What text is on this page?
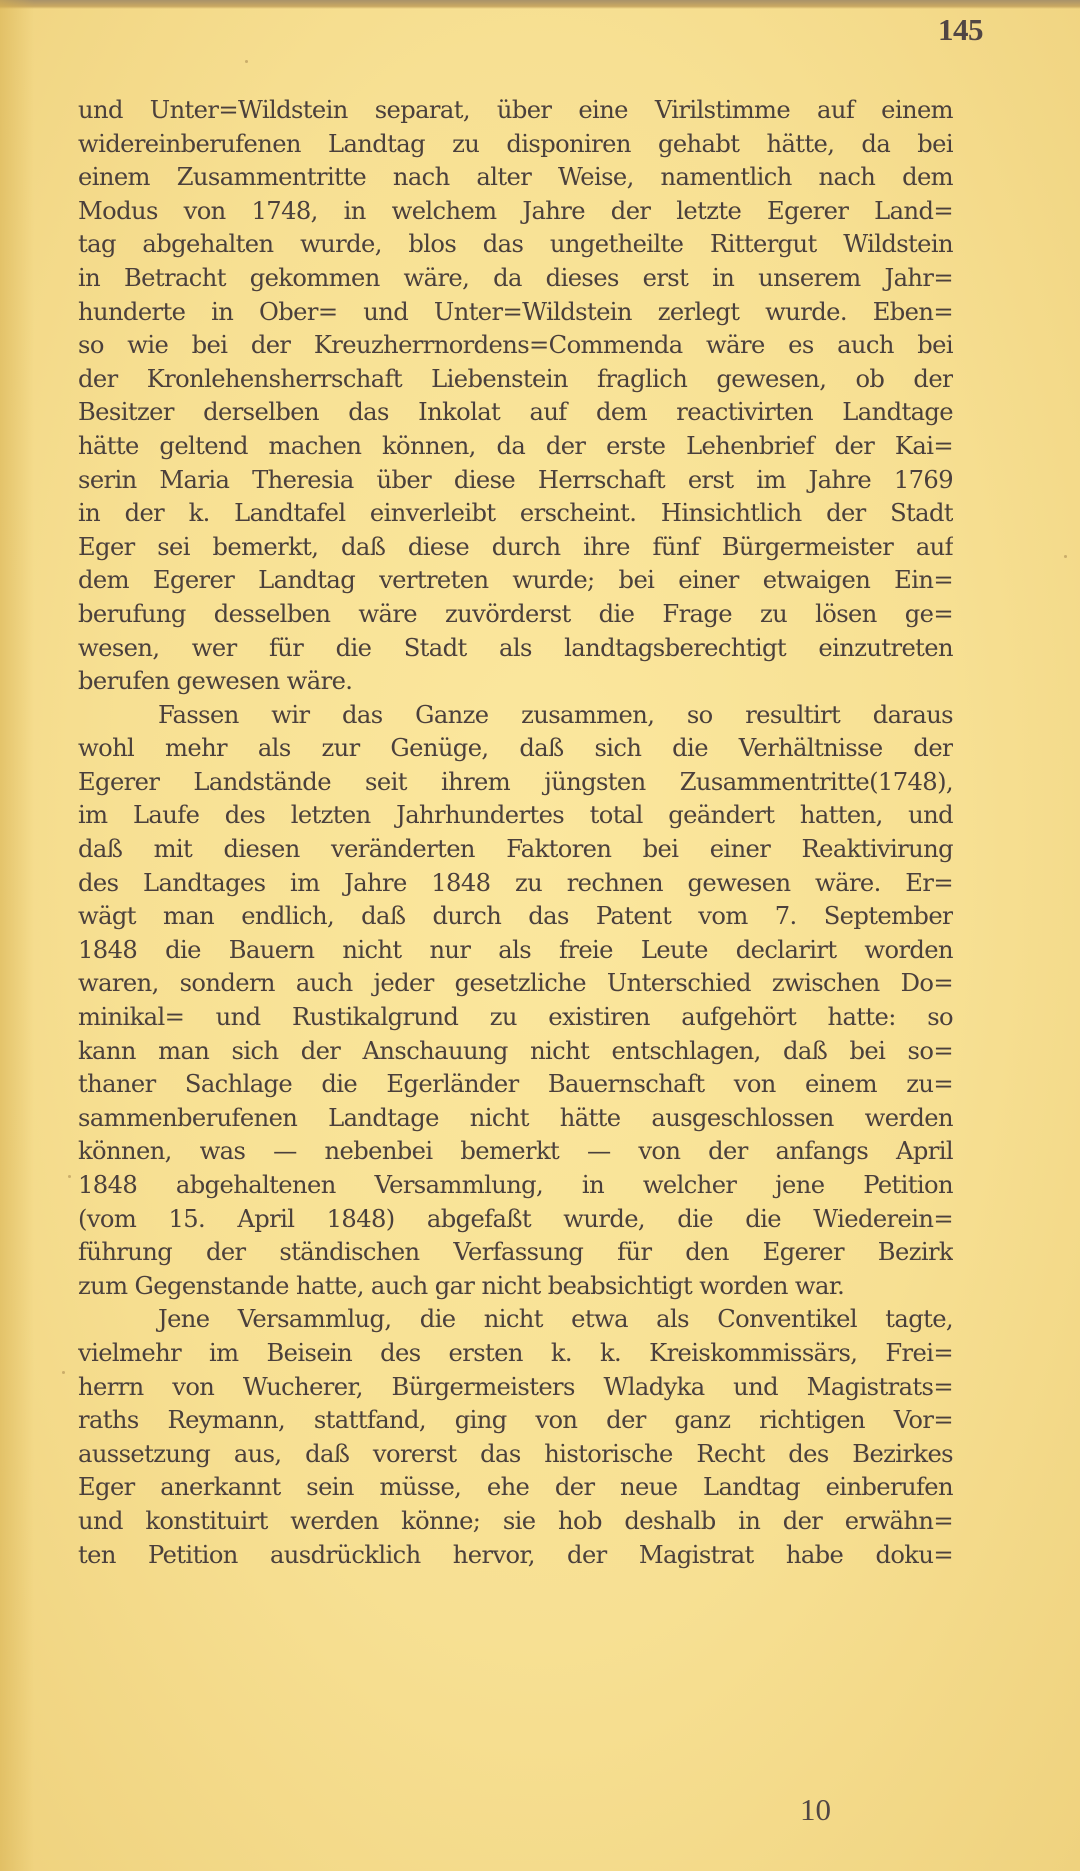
145
und Unter=Wildstein separat, über eine Virilstimme auf einem
widereinberufenen Landtag zu disponiren gehabt hätte, da bei
einem Zusammentritte nach alter Weise, namentlich nach dem
Modus von 1748, in welchem Jahre der letzte Egerer Land=
tag abgehalten wurde, blos das ungetheilte Rittergut Wildstein
in Betracht gekommen wäre, da dieses erst in unserem Jahr=
hunderte in Ober= und Unter=Wildstein zerlegt wurde. Eben=
so wie bei der Kreuzherrnordens=Commenda wäre es auch bei
der Kronlehensherrschaft Liebenstein fraglich gewesen, ob der
Besitzer derselben das Inkolat auf dem reactivirten Landtage
hätte geltend machen können, da der erste Lehenbrief der Kai=
serin Maria Theresia über diese Herrschaft erst im Jahre 1769
in der k. Landtafel einverleibt erscheint. Hinsichtlich der Stadt
Eger sei bemerkt, daß diese durch ihre fünf Bürgermeister auf
dem Egerer Landtag vertreten wurde; bei einer etwaigen Ein=
berufung desselben wäre zuvörderst die Frage zu lösen ge=
wesen, wer für die Stadt als landtagsberechtigt einzutreten
berufen gewesen wäre.
Fassen wir das Ganze zusammen, so resultirt daraus
wohl mehr als zur Genüge, daß sich die Verhältnisse der
Egerer Landstände seit ihrem jüngsten Zusammentritte(1748),
im Laufe des letzten Jahrhundertes total geändert hatten, und
daß mit diesen veränderten Faktoren bei einer Reaktivirung
des Landtages im Jahre 1848 zu rechnen gewesen wäre. Er=
wägt man endlich, daß durch das Patent vom 7. September
1848 die Bauern nicht nur als freie Leute declarirt worden
waren, sondern auch jeder gesetzliche Unterschied zwischen Do=
minikal= und Rustikalgrund zu existiren aufgehört hatte: so
kann man sich der Anschauung nicht entschlagen, daß bei so=
thaner Sachlage die Egerländer Bauernschaft von einem zu=
sammenberufenen Landtage nicht hätte ausgeschlossen werden
können, was — nebenbei bemerkt — von der anfangs April
1848 abgehaltenen Versammlung, in welcher jene Petition
(vom 15. April 1848) abgefaßt wurde, die die Wiederein=
führung der ständischen Verfassung für den Egerer Bezirk
zum Gegenstande hatte, auch gar nicht beabsichtigt worden war.
Jene Versammlug, die nicht etwa als Conventikel tagte,
vielmehr im Beisein des ersten k. k. Kreiskommissärs, Frei=
herrn von Wucherer, Bürgermeisters Wladyka und Magistrats=
raths Reymann, stattfand, ging von der ganz richtigen Vor=
aussetzung aus, daß vorerst das historische Recht des Bezirkes
Eger anerkannt sein müsse, ehe der neue Landtag einberufen
und konstituirt werden könne; sie hob deshalb in der erwähn=
ten Petition ausdrücklich hervor, der Magistrat habe doku=
10
